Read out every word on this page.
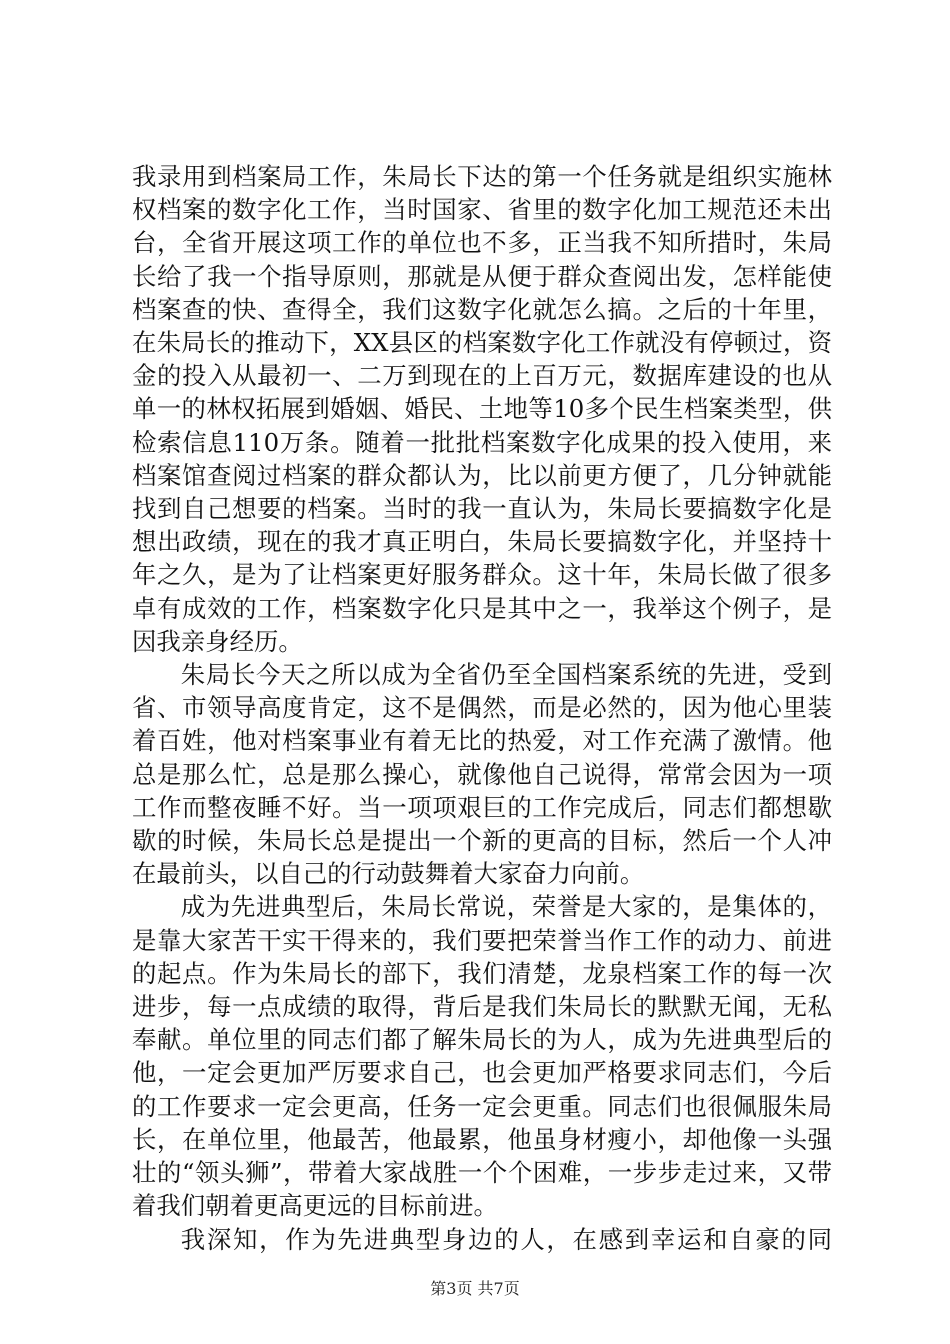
我录用到档案局工作，朱局长下达的第一个任务就是组织实施林权档案的数字化工作，当时国家、省里的数字化加工规范还未出台，全省开展这项工作的单位也不多，正当我不知所措时，朱局长给了我一个指导原则，那就是从便于群众查阅出发，怎样能使档案查的快、查得全，我们这数字化就怎么搞。之后的十年里，在朱局长的推动下，XX县区的档案数字化工作就没有停顿过，资金的投入从最初一、二万到现在的上百万元，数据库建设的也从单一的林权拓展到婚姻、婚民、土地等10多个民生档案类型，供检索信息110万条。随着一批批档案数字化成果的投入使用，来档案馆查阅过档案的群众都认为，比以前更方便了，几分钟就能找到自己想要的档案。当时的我一直认为，朱局长要搞数字化是想出政绩，现在的我才真正明白，朱局长要搞数字化，并坚持十年之久，是为了让档案更好服务群众。这十年，朱局长做了很多卓有成效的工作，档案数字化只是其中之一，我举这个例子，是因我亲身经历。

朱局长今天之所以成为全省仍至全国档案系统的先进，受到省、市领导高度肯定，这不是偶然，而是必然的，因为他心里装着百姓，他对档案事业有着无比的热爱，对工作充满了激情。他总是那么忙，总是那么操心，就像他自己说得，常常会因为一项工作而整夜睡不好。当一项项艰巨的工作完成后，同志们都想歇歇的时候，朱局长总是提出一个新的更高的目标，然后一个人冲在最前头，以自己的行动鼓舞着大家奋力向前。

成为先进典型后，朱局长常说，荣誉是大家的，是集体的，是靠大家苦干实干得来的，我们要把荣誉当作工作的动力、前进的起点。作为朱局长的部下，我们清楚，龙泉档案工作的每一次进步，每一点成绩的取得，背后是我们朱局长的默默无闻，无私奉献。单位里的同志们都了解朱局长的为人，成为先进典型后的他，一定会更加严厉要求自己，也会更加严格要求同志们，今后的工作要求一定会更高，任务一定会更重。同志们也很佩服朱局长，在单位里，他最苦，他最累，他虽身材瘦小，却他像一头强壮的“领头狮”，带着大家战胜一个个困难，一步步走过来，又带着我们朝着更高更远的目标前进。

我深知，作为先进典型身边的人，在感到幸运和自豪的同

第3页 共7页
